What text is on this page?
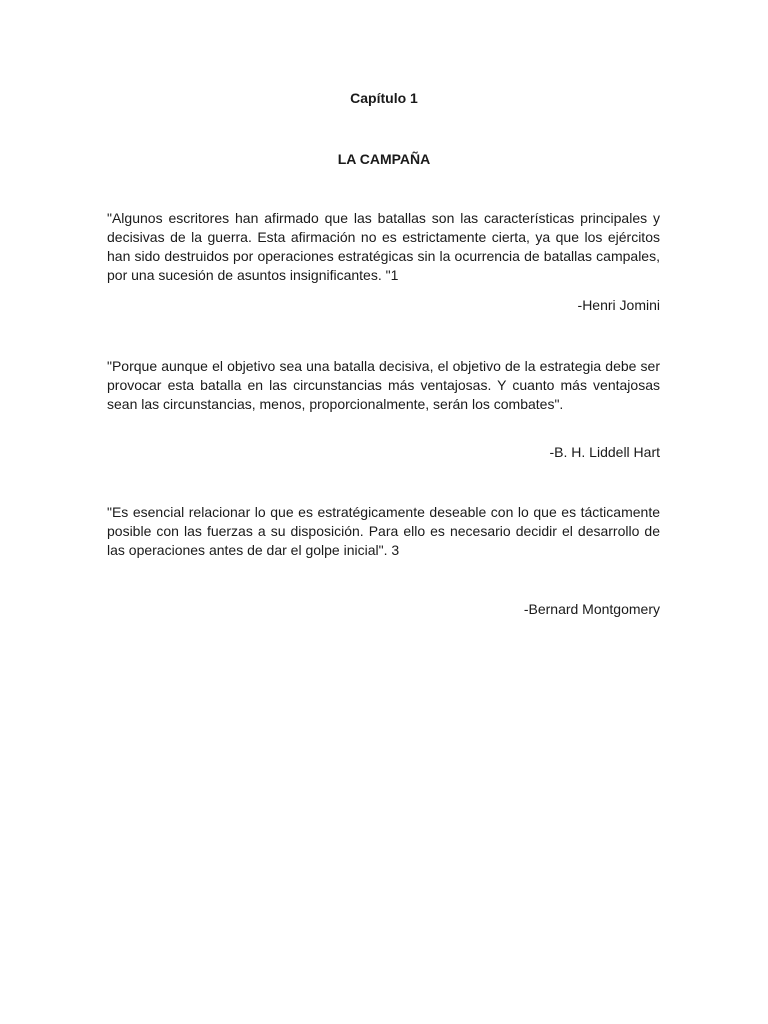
Capítulo 1
LA CAMPAÑA

"Algunos escritores han afirmado que las batallas son las características principales y decisivas de la guerra. Esta afirmación no es estrictamente cierta, ya que los ejércitos han sido destruidos por operaciones estratégicas sin la ocurrencia de batallas campales, por una sucesión de asuntos insignificantes. "1

-Henri Jomini

"Porque aunque el objetivo sea una batalla decisiva, el objetivo de la estrategia debe ser provocar esta batalla en las circunstancias más ventajosas. Y cuanto más ventajosas sean las circunstancias, menos, proporcionalmente, serán los combates".

-B. H. Liddell Hart

"Es esencial relacionar lo que es estratégicamente deseable con lo que es tácticamente posible con las fuerzas a su disposición. Para ello es necesario decidir el desarrollo de las operaciones antes de dar el golpe inicial". 3

-Bernard Montgomery
